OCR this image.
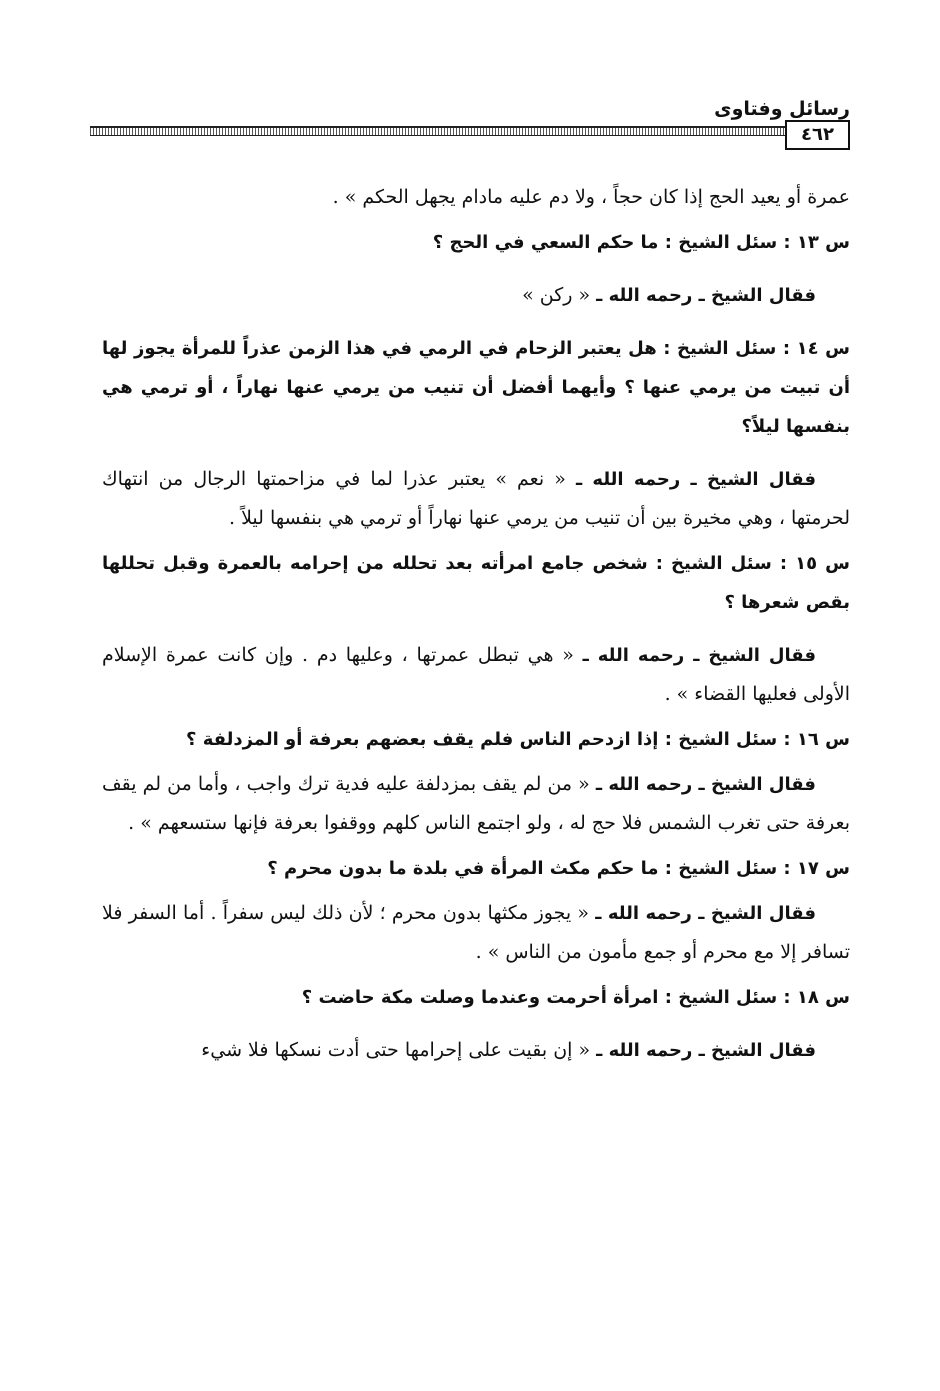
رسائل وفتاوى
٤٦٢

عمرة أو يعيد الحج إذا كان حجاً ، ولا دم عليه مادام يجهل الحكم » .

س ١٣ : سئل الشيخ : ما حكم السعي في الحج ؟

فقال الشيخ ـ رحمه الله ـ « ركن »

س ١٤ : سئل الشيخ : هل يعتبر الزحام في الرمي في هذا الزمن عذراً للمرأة يجوز لها أن تبيت من يرمي عنها ؟ وأيهما أفضل أن تنيب من يرمي عنها نهاراً ، أو ترمي هي بنفسها ليلاً؟

فقال الشيخ ـ رحمه الله ـ « نعم » يعتبر عذرا لما في مزاحمتها الرجال من انتهاك لحرمتها ، وهي مخيرة بين أن تنيب من يرمي عنها نهاراً أو ترمي هي بنفسها ليلاً .

س ١٥ : سئل الشيخ : شخص جامع امرأته بعد تحلله من إحرامه بالعمرة وقبل تحللها بقص شعرها ؟

فقال الشيخ ـ رحمه الله ـ « هي تبطل عمرتها ، وعليها دم . وإن كانت عمرة الإسلام الأولى فعليها القضاء » .

س ١٦ : سئل الشيخ : إذا ازدحم الناس فلم يقف بعضهم بعرفة أو المزدلفة ؟

فقال الشيخ ـ رحمه الله ـ « من لم يقف بمزدلفة عليه فدية ترك واجب ، وأما من لم يقف بعرفة حتى تغرب الشمس فلا حج له ، ولو اجتمع الناس كلهم ووقفوا بعرفة فإنها ستسعهم » .

س ١٧ : سئل الشيخ : ما حكم مكث المرأة في بلدة ما بدون محرم ؟

فقال الشيخ ـ رحمه الله ـ « يجوز مكثها بدون محرم ؛ لأن ذلك ليس سفراً . أما السفر فلا تسافر إلا مع محرم أو جمع مأمون من الناس » .

س ١٨ : سئل الشيخ : امرأة أحرمت وعندما وصلت مكة حاضت ؟

فقال الشيخ ـ رحمه الله ـ « إن بقيت على إحرامها حتى أدت نسكها فلا شيء
